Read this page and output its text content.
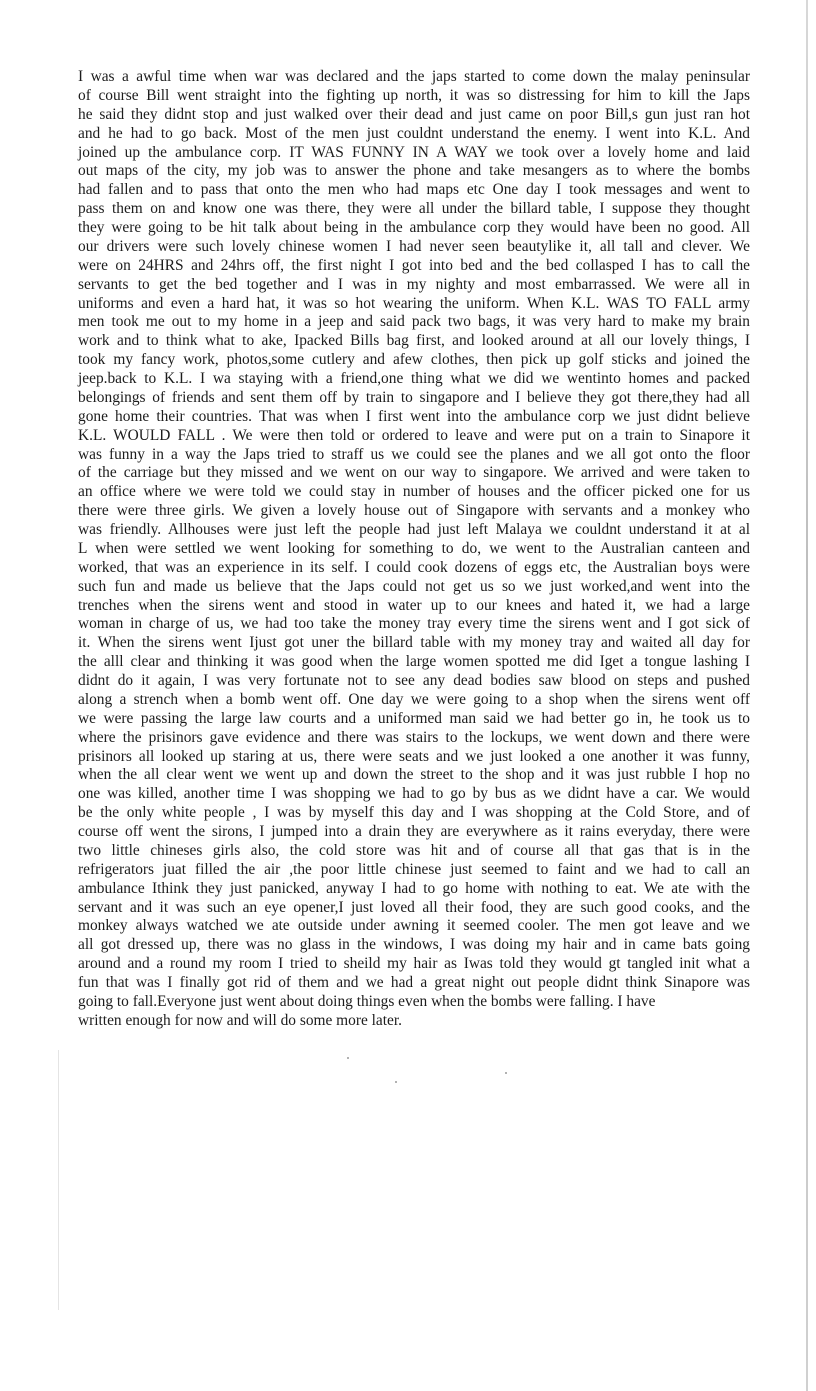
I was a awful time when war was declared and the japs started to come down the malay peninsular
of course Bill went straight into the fighting up north, it was so distressing for him to kill the Japs
he said they didnt stop and just walked over their dead and just came on poor Bill,s gun just ran hot
and he had to go back. Most of the men just couldnt understand the enemy. I went into K.L. And
joined up the ambulance corp. IT WAS FUNNY IN A WAY we took over a lovely home and laid
out maps of the city, my job was to answer the phone and take mesangers as to where the bombs
had fallen and to pass that onto the men who had maps etc One day I took messages and went to
pass them on and know one was there, they were all under the billard table, I suppose they thought
they were going to be hit talk about being in the ambulance corp they would have been no good. All
our drivers were such lovely chinese women I had never seen beautylike it, all tall and clever. We
were on 24HRS and 24hrs off, the first night I got into bed and the bed collasped I has to call the
servants to get the bed together and I was in my nighty and most embarrassed. We were all in
uniforms and even a hard hat, it was so hot wearing the uniform. When K.L. WAS TO FALL army
men took me out to my home in a jeep and said pack two bags, it was very hard to make my brain
work and to think what to ake, Ipacked Bills bag first, and looked around at all our lovely things, I
took my fancy work, photos,some cutlery and afew clothes, then pick up golf sticks and joined the
jeep.back to K.L. I wa staying with a friend,one thing what we did we wentinto homes and packed
belongings of friends and sent them off by train to singapore and I believe they got there,they had all
gone home their countries. That was when I first went into the ambulance corp we just didnt believe
K.L. WOULD FALL . We were then told or ordered to leave and were put on a train to Sinapore it
was funny in a way the Japs tried to straff us we could see the planes and we all got onto the floor
of the carriage but they missed and we went on our way to singapore. We arrived and were taken to
an office where we were told we could stay in number of houses and the officer picked one for us
there were three girls. We given a lovely house out of Singapore with servants and a monkey who
was friendly. Allhouses were just left the people had just left Malaya we couldnt understand it at al
L when were settled we went looking for something to do, we went to the Australian canteen and
worked, that was an experience in its self. I could cook dozens of eggs etc, the Australian boys were
such fun and made us believe that the Japs could not get us so we just worked,and went into the
trenches when the sirens went and stood in water up to our knees and hated it, we had a large
woman in charge of us, we had too take the money tray every time the sirens went and I got sick of
it. When the sirens went Ijust got uner the billard table with my money tray and waited all day for
the alll clear and thinking it was good when the large women spotted me did Iget a tongue lashing I
didnt do it again, I was very fortunate not to see any dead bodies saw blood on steps and pushed
along a strench when a bomb went off. One day we were going to a shop when the sirens went off
we were passing the large law courts and a uniformed man said we had better go in, he took us to
where the prisinors gave evidence and there was stairs to the lockups, we went down and there were
prisinors all looked up staring at us, there were seats and we just looked a one another it was funny,
when the all clear went we went up and down the street to the shop and it was just rubble I hop no
one was killed, another time I was shopping we had to go by bus as we didnt have a car. We would
be the only white people , I was by myself this day and I was shopping at the Cold Store, and of
course off went the sirons, I jumped into a drain they are everywhere as it rains everyday, there were
two little chineses girls also, the cold store was hit and of course all that gas that is in the
refrigerators juat filled the air ,the poor little chinese just seemed to faint and we had to call an
ambulance Ithink they just panicked, anyway I had to go home with nothing to eat. We ate with the
servant and it was such an eye opener,I just loved all their food, they are such good cooks, and the
monkey always watched we ate outside under awning it seemed cooler. The men got leave and we
all got dressed up, there was no glass in the windows, I was doing my hair and in came bats going
around and a round my room I tried to sheild my hair as Iwas told they would gt tangled init what a
fun that was I finally got rid of them and we had a great night out people didnt think Sinapore was
going to fall.Everyone just went about doing things even when the bombs were falling. I have
written enough for now and will do some more later.
